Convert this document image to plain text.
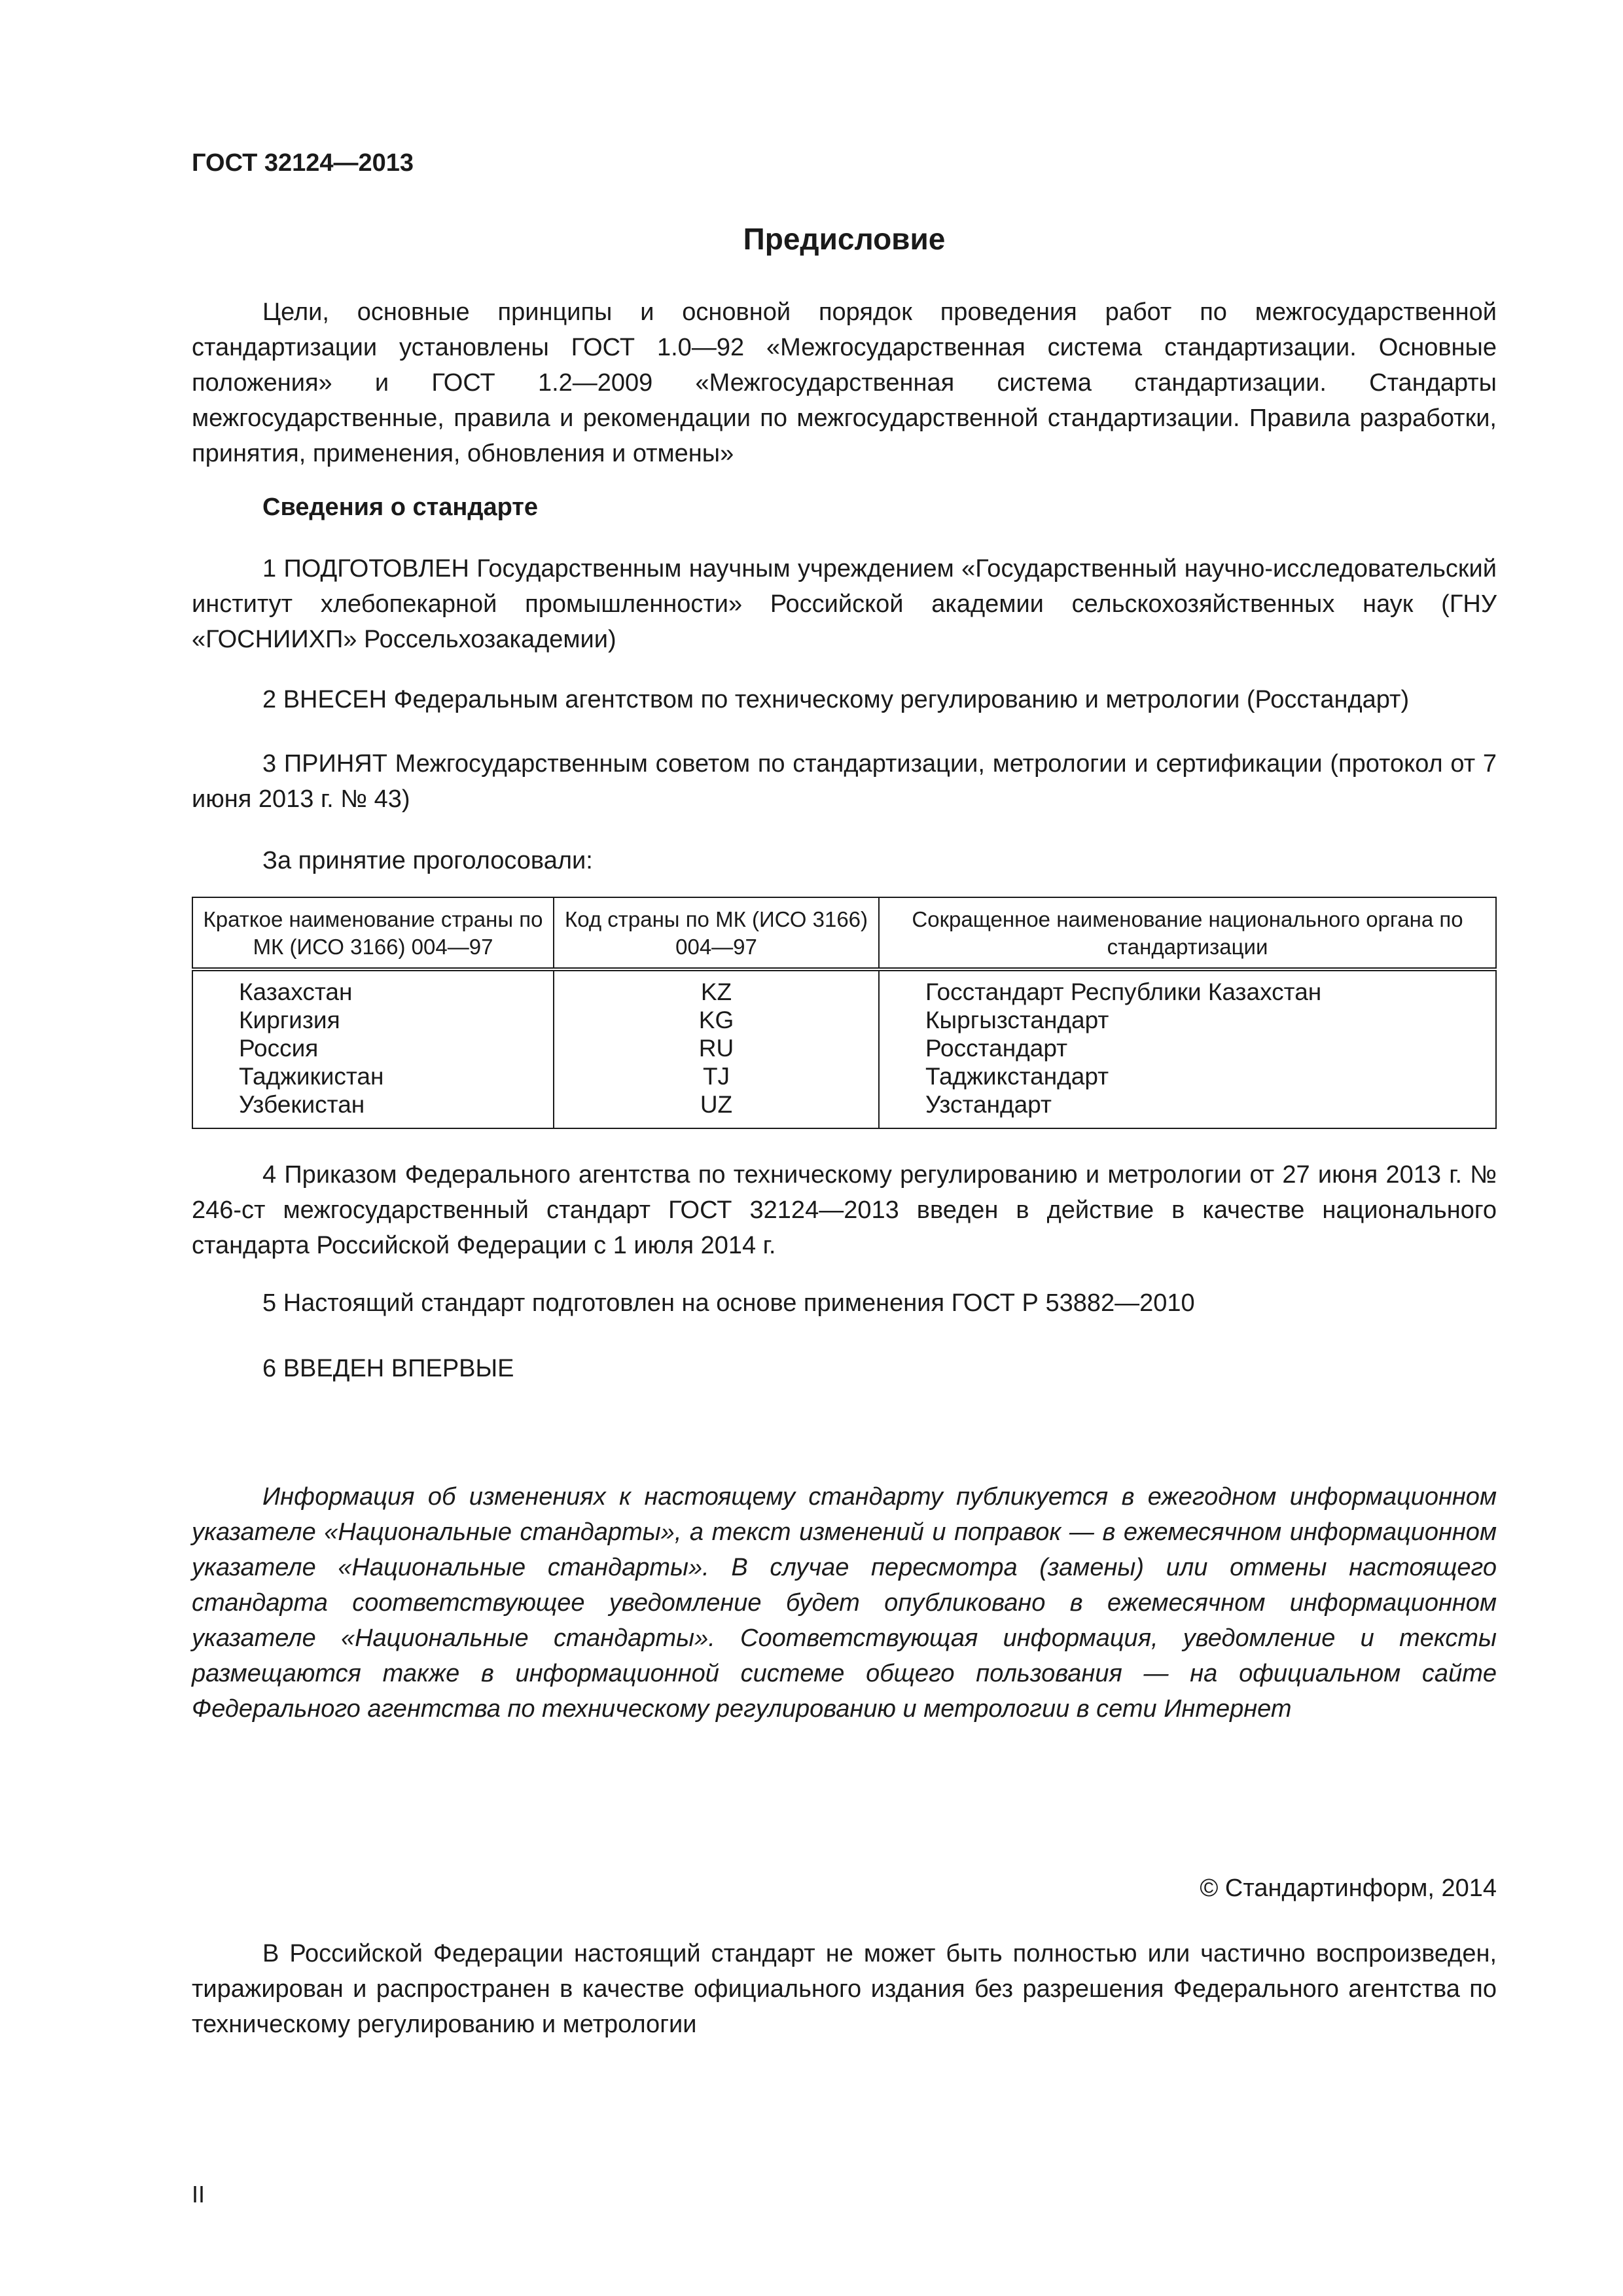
ГОСТ 32124—2013

Предисловие

Цели, основные принципы и основной порядок проведения работ по межгосударственной стандартизации установлены ГОСТ 1.0—92 «Межгосударственная система стандартизации. Основные положения» и ГОСТ 1.2—2009 «Межгосударственная система стандартизации. Стандарты межгосударственные, правила и рекомендации по межгосударственной стандартизации. Правила разработки, принятия, применения, обновления и отмены»

Сведения о стандарте

1 ПОДГОТОВЛЕН Государственным научным учреждением «Государственный научно-исследовательский институт хлебопекарной промышленности» Российской академии сельскохозяйственных наук (ГНУ «ГОСНИИХП» Россельхозакадемии)

2 ВНЕСЕН Федеральным агентством по техническому регулированию и метрологии (Росстандарт)

3 ПРИНЯТ Межгосударственным советом по стандартизации, метрологии и сертификации (протокол от 7 июня 2013 г. № 43)

За принятие проголосовали:

Краткое наименование страны по МК (ИСО 3166) 004—97	Код страны по МК (ИСО 3166) 004—97	Сокращенное наименование национального органа по стандартизации
Казахстан	KZ	Госстандарт Республики Казахстан
Киргизия	KG	Кыргызстандарт
Россия	RU	Росстандарт
Таджикистан	TJ	Таджикстандарт
Узбекистан	UZ	Узстандарт

4 Приказом Федерального агентства по техническому регулированию и метрологии от 27 июня 2013 г. № 246-ст межгосударственный стандарт ГОСТ 32124—2013 введен в действие в качестве национального стандарта Российской Федерации с 1 июля 2014 г.

5 Настоящий стандарт подготовлен на основе применения ГОСТ Р 53882—2010

6 ВВЕДЕН ВПЕРВЫЕ

Информация об изменениях к настоящему стандарту публикуется в ежегодном информационном указателе «Национальные стандарты», а текст изменений и поправок — в ежемесячном информационном указателе «Национальные стандарты». В случае пересмотра (замены) или отмены настоящего стандарта соответствующее уведомление будет опубликовано в ежемесячном информационном указателе «Национальные стандарты». Соответствующая информация, уведомление и тексты размещаются также в информационной системе общего пользования — на официальном сайте Федерального агентства по техническому регулированию и метрологии в сети Интернет

© Стандартинформ, 2014

В Российской Федерации настоящий стандарт не может быть полностью или частично воспроизведен, тиражирован и распространен в качестве официального издания без разрешения Федерального агентства по техническому регулированию и метрологии

II
